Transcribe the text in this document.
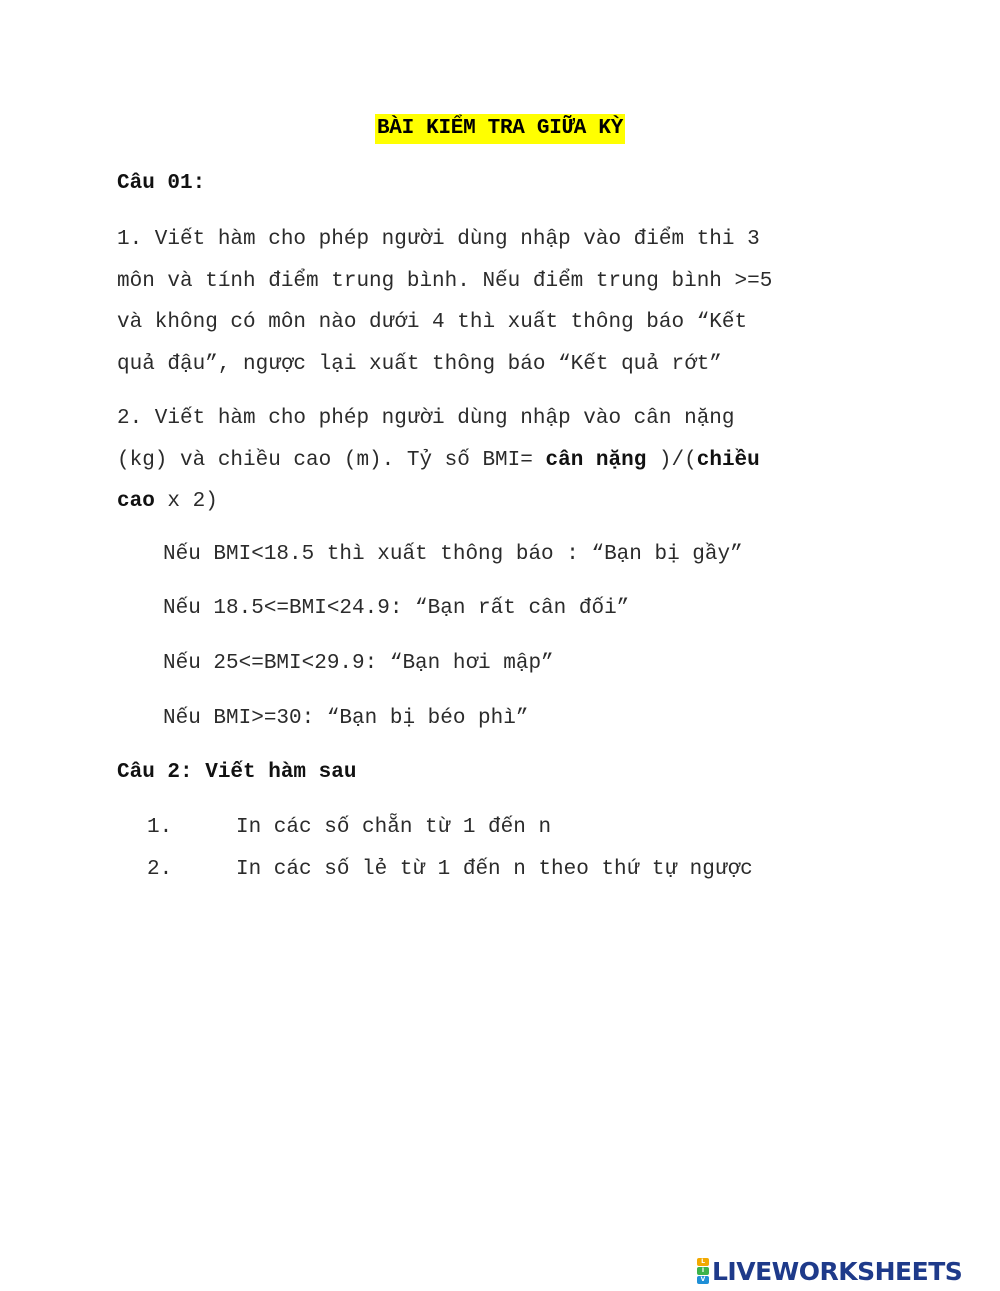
BÀI KIỂM TRA GIỮA KỲ
Câu 01:

1. Viết hàm cho phép người dùng nhập vào điểm thi 3
môn và tính điểm trung bình. Nếu điểm trung bình >=5
và không có môn nào dưới 4 thì xuất thông báo “Kết
quả đậu”, ngược lại xuất thông báo “Kết quả rớt”

2. Viết hàm cho phép người dùng nhập vào cân nặng
(kg) và chiều cao (m). Tỷ số BMI= cân nặng )/(chiều
cao x 2)

Nếu BMI<18.5 thì xuất thông báo : “Bạn bị gầy”
Nếu 18.5<=BMI<24.9: “Bạn rất cân đối”
Nếu 25<=BMI<29.9: “Bạn hơi mập”
Nếu BMI>=30: “Bạn bị béo phì”
Câu 2: Viết hàm sau
1.	In các số chẵn từ 1 đến n
2.	In các số lẻ từ 1 đến n theo thứ tự ngược
L
I
V LIVEWORKSHEETS
